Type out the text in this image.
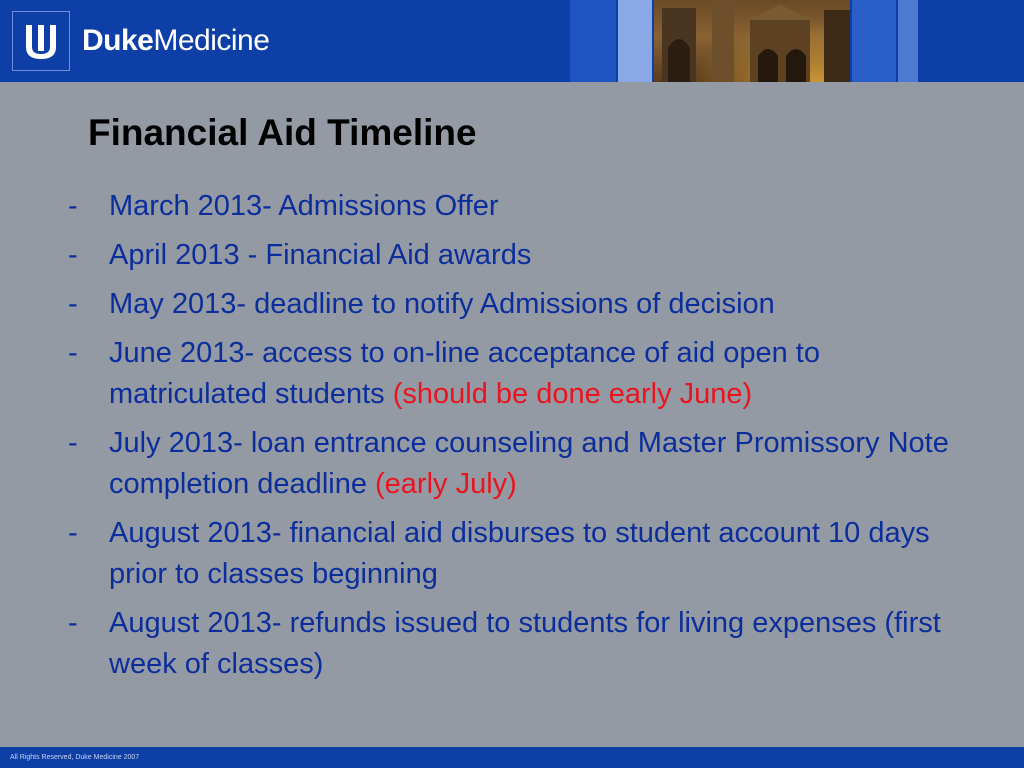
DukeMedicine
Financial Aid Timeline
- March 2013- Admissions Offer
- April 2013 - Financial Aid awards
- May 2013- deadline to notify Admissions of decision
- June 2013- access to on-line acceptance of aid open to matriculated students (should be done early June)
- July 2013- loan entrance counseling and Master Promissory Note completion deadline (early July)
- August 2013- financial aid disburses to student account 10 days prior to classes beginning
- August 2013- refunds issued to students for living expenses (first week of classes)
All Rights Reserved, Duke Medicine 2007
